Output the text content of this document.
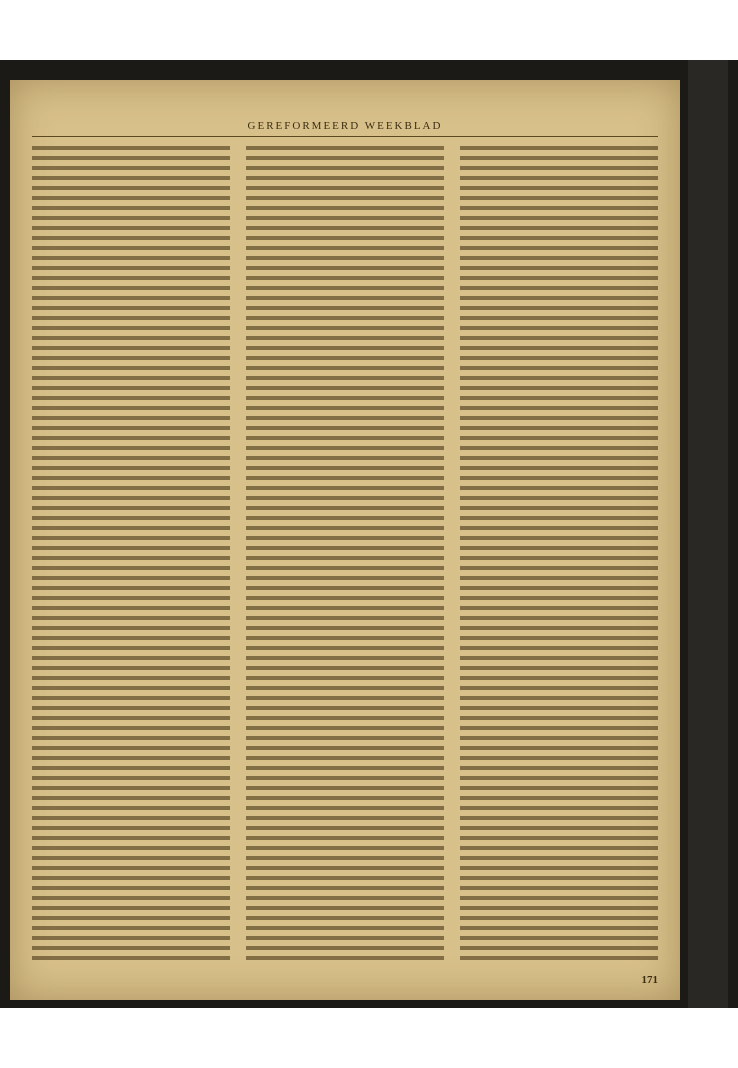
GEREFORMEERD WEEKBLAD
171
